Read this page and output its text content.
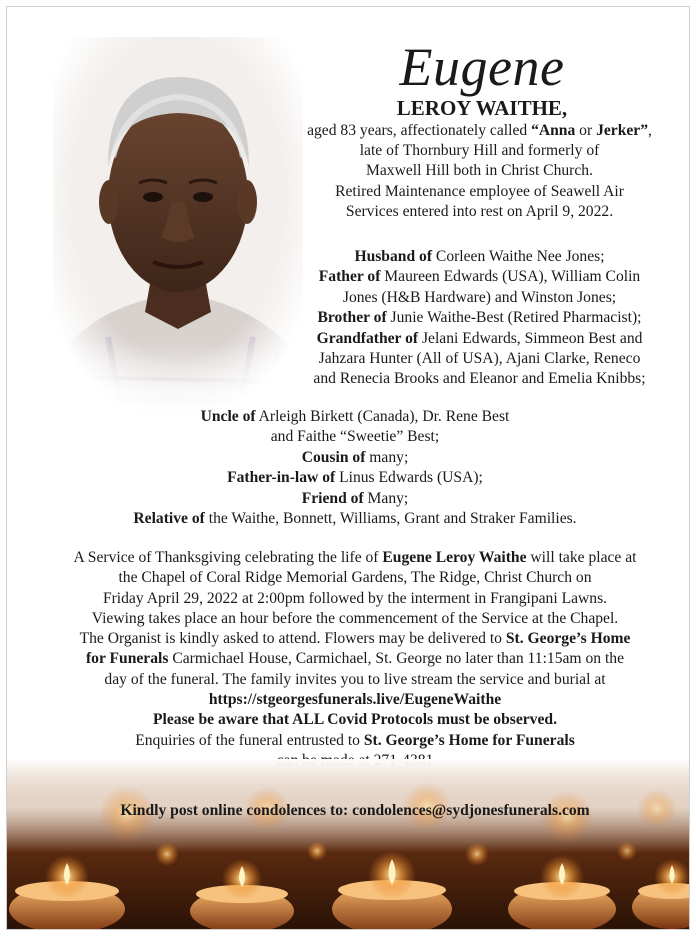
Eugene
LEROY WAITHE,
aged 83 years, affectionately called “Anna or Jerker”,
late of Thornbury Hill and formerly of
Maxwell Hill both in Christ Church.
Retired Maintenance employee of Seawell Air
Services entered into rest on April 9, 2022.
Husband of Corleen Waithe Nee Jones;
Father of Maureen Edwards (USA), William Colin
Jones (H&B Hardware) and Winston Jones;
Brother of Junie Waithe-Best (Retired Pharmacist);
Grandfather of Jelani Edwards, Simmeon Best and
Jahzara Hunter (All of USA), Ajani Clarke, Reneco
and Renecia Brooks and Eleanor and Emelia Knibbs;
Uncle of Arleigh Birkett (Canada), Dr. Rene Best
and Faithe “Sweetie” Best;
Cousin of many;
Father-in-law of Linus Edwards (USA);
Friend of Many;
Relative of the Waithe, Bonnett, Williams, Grant and Straker Families.
A Service of Thanksgiving celebrating the life of Eugene Leroy Waithe will take place at
the Chapel of Coral Ridge Memorial Gardens, The Ridge, Christ Church on
Friday April 29, 2022 at 2:00pm followed by the interment in Frangipani Lawns.
Viewing takes place an hour before the commencement of the Service at the Chapel.
The Organist is kindly asked to attend. Flowers may be delivered to St. George’s Home
for Funerals Carmichael House, Carmichael, St. George no later than 11:15am on the
day of the funeral. The family invites you to live stream the service and burial at
https://stgeorgesfunerals.live/EugeneWaithe
Please be aware that ALL Covid Protocols must be observed.
Enquiries of the funeral entrusted to St. George’s Home for Funerals
Kindly post online condolences to: condolences@sydjonesfunerals.com
